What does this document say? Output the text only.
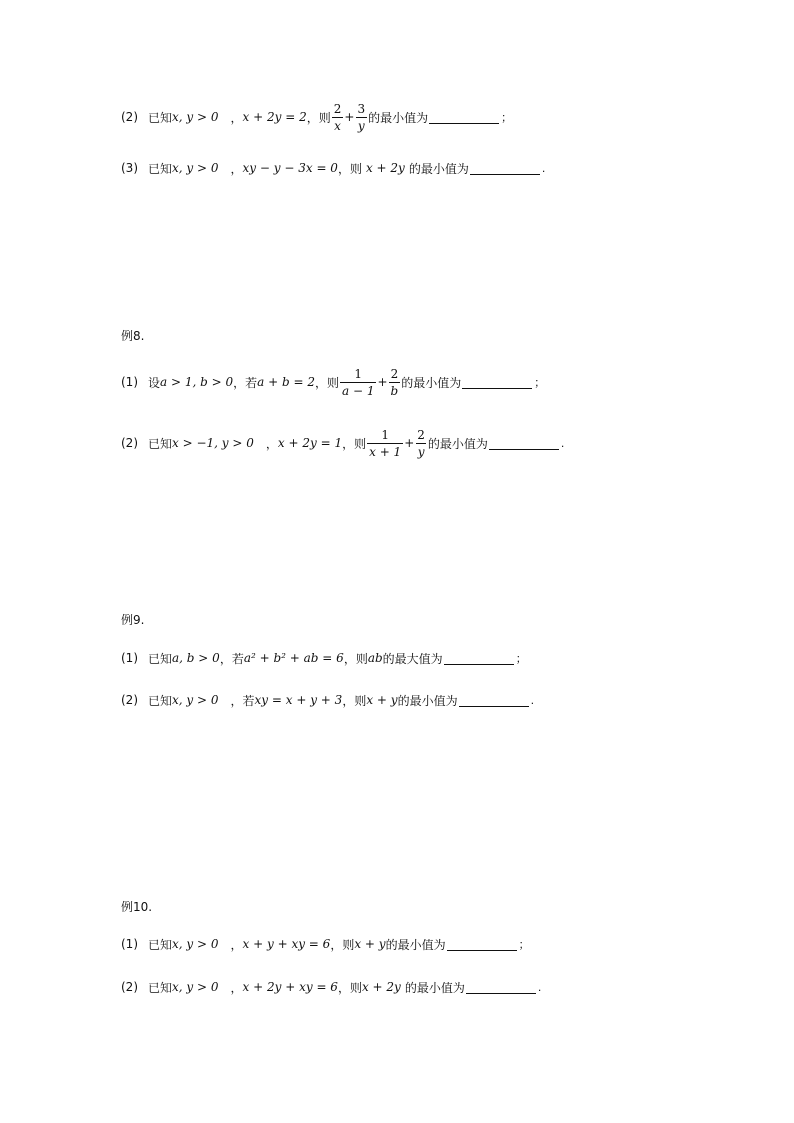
(2) 已知 x, y > 0 ， x + 2y = 2 ，则 $\frac{2}{x} + \frac{3}{y}$ 的最小值为	；
(3) 已知 x, y > 0 ， xy − y − 3x = 0 ，则 x + 2y 的最小值为	.
例8.
(1) 设 a > 1, b > 0 ，若 a + b = 2 ，则 $\frac{1}{a - 1} + \frac{2}{b}$ 的最小值为	；
(2) 已知 x > −1, y > 0 ， x + 2y = 1 ，则 $\frac{1}{x + 1} + \frac{2}{y}$ 的最小值为	.
例9.
(1) 已知 a, b > 0 ，若 a² + b² + ab = 6 ，则 ab 的最大值为	；
(2) 已知 x, y > 0 ，若 xy = x + y + 3 ，则 x + y 的最小值为	.
例10.
(1) 已知 x, y > 0 ， x + y + xy = 6 ，则 x + y 的最小值为	；
(2) 已知 x, y > 0 ， x + 2y + xy = 6 ，则 x + 2y 的最小值为	.
